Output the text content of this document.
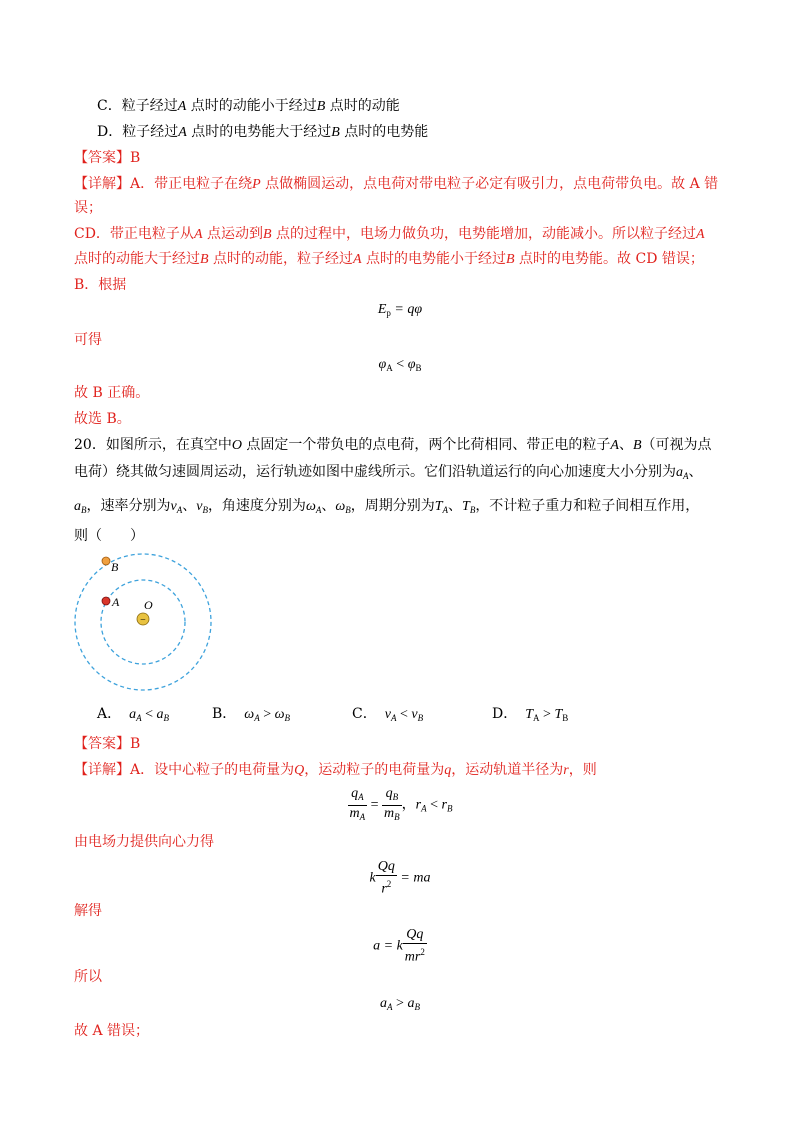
C．粒子经过A 点时的动能小于经过B 点时的动能
D．粒子经过A 点时的电势能大于经过B 点时的电势能
【答案】B
【详解】A．带正电粒子在绕P 点做椭圆运动，点电荷对带电粒子必定有吸引力，点电荷带负电。故 A 错
误；
CD．带正电粒子从A 点运动到B 点的过程中，电场力做负功，电势能增加，动能减小。所以粒子经过A
点时的动能大于经过B 点时的动能，粒子经过A 点时的电势能小于经过B 点时的电势能。故 CD 错误；
B．根据
$E_p = q\varphi$
可得
$\varphi_A < \varphi_B$
故 B 正确。
故选 B。
20．如图所示，在真空中O 点固定一个带负电的点电荷，两个比荷相同、带正电的粒子A、B（可视为点
电荷）绕其做匀速圆周运动，运行轨迹如图中虚线所示。它们沿轨道运行的向心加速度大小分别为$a_A$、
$a_B$，速率分别为$v_A$、$v_B$，角速度分别为$\omega_A$、$\omega_B$，周期分别为$T_A$、$T_B$，不计粒子重力和粒子间相互作用，
则（　　）
B
A O
−
A． $a_A < a_B$	B． $\omega_A > \omega_B$	C． $v_A < v_B$	D． $T_A > T_B$
【答案】B
【详解】A．设中心粒子的电荷量为Q，运动粒子的电荷量为q，运动轨道半径为r，则
$\frac{q_A}{m_A} = \frac{q_B}{m_B}$ ，$r_A < r_B$
由电场力提供向心力得
k $\frac{Qq}{r^2}$ = ma
解得
a = k $\frac{Qq}{mr^2}$
所以
$a_A > a_B$
故 A 错误；
